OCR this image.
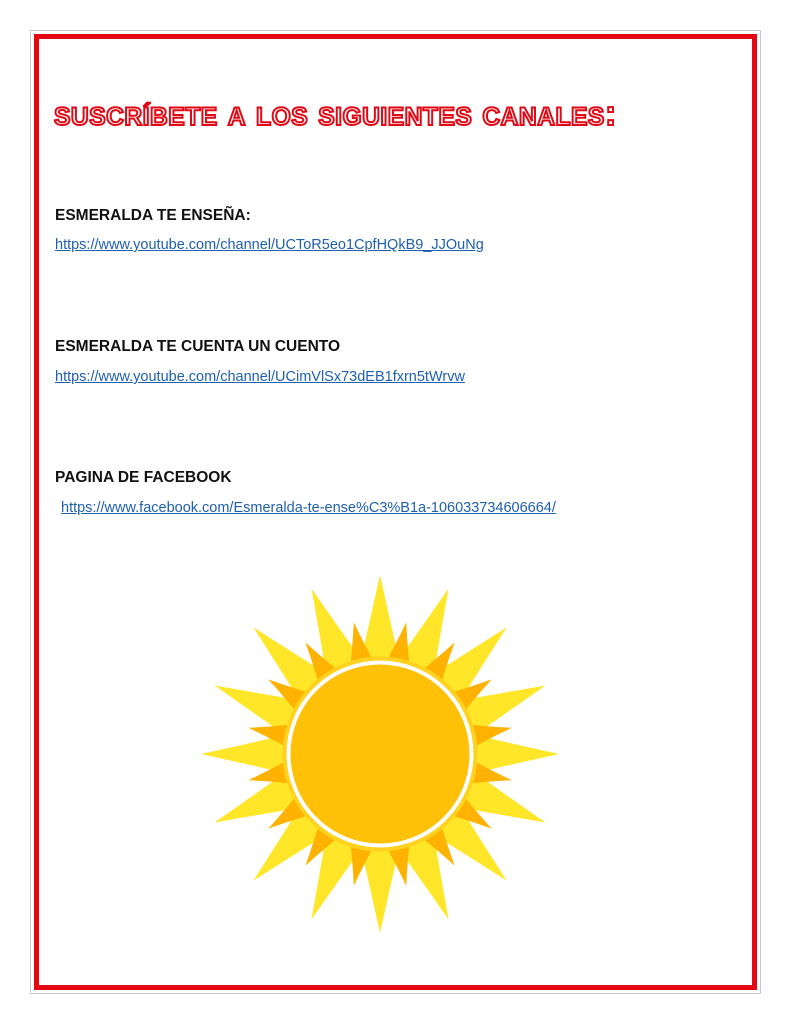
suscríbete a los siguientes canales:

ESMERALDA TE ENSEÑA:

https://www.youtube.com/channel/UCToR5eo1CpfHQkB9_JJOuNg

ESMERALDA TE CUENTA UN CUENTO

https://www.youtube.com/channel/UCimVlSx73dEB1fxrn5tWrvw

PAGINA DE FACEBOOK

https://www.facebook.com/Esmeralda-te-ense%C3%B1a-106033734606664/
